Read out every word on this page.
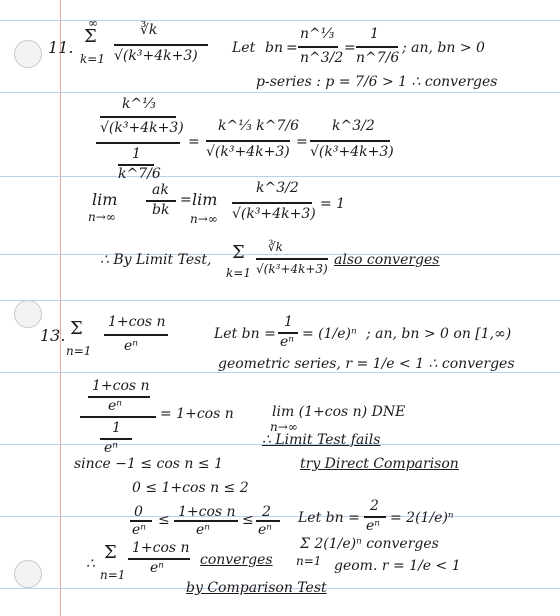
11.
∞
Σ
k=1
∛k
√(k³+4k+3) Let bn =
n^⅓
n^3/2
=
1
n^7/6
; an, bn > 0
p-series : p = 7/6 > 1 ∴ converges
k^⅓
√(k³+4k+3)
1
k^7/6
=
k^⅓ k^7/6
√(k³+4k+3)
=
k^3/2
√(k³+4k+3)
lim
n→∞
ak
bk
= lim
n→∞
k^3/2
√(k³+4k+3)
= 1
∴ By Limit Test, Σ
k=1
∛k
√(k³+4k+3)
also converges
13. Σ
n=1
1+cos n
eⁿ
Let bn =
1
eⁿ = (1/e)ⁿ ; an, bn > 0 on [1,∞)
geometric series, r = 1/e < 1 ∴ converges
1+cos n
eⁿ
1
eⁿ
= 1+cos n	lim (1+cos n) DNE
n→∞
∴ Limit Test fails
since −1 ≤ cos n ≤ 1	try Direct Comparison
0 ≤ 1+cos n ≤ 2
0
eⁿ
≤ 1+cos n
eⁿ
≤ 2
eⁿ
Let bn =
2
eⁿ = 2(1/e)ⁿ
Σ 2(1/e)ⁿ converges
n=1 geom. r = 1/e < 1
∴
Σ
n=1
1+cos n
eⁿ	converges
by Comparison Test
